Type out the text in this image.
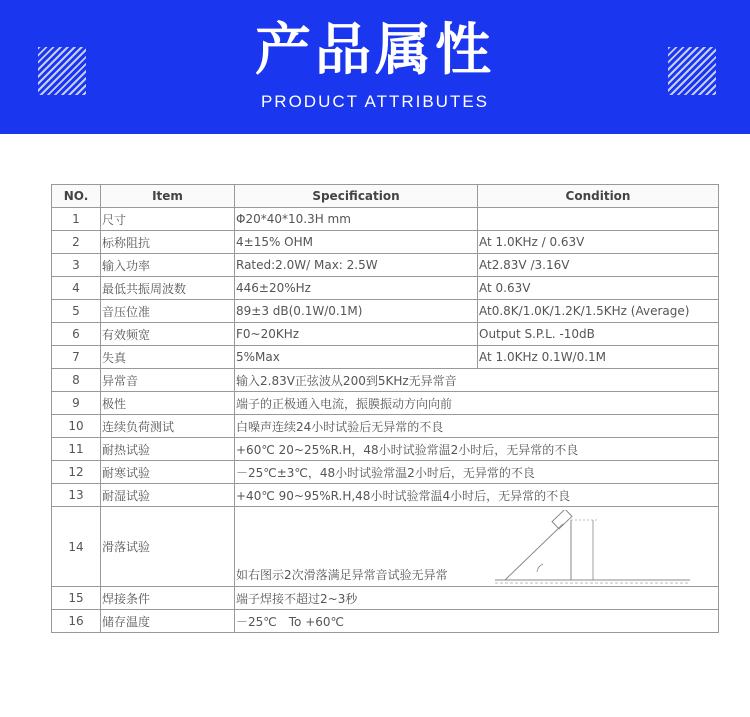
产品属性
PRODUCT ATTRIBUTES
NO.	Item	Specification	Condition
1	尺寸	Φ20*40*10.3H mm	
2	标称阻抗	4±15% OHM	At 1.0KHz / 0.63V
3	输入功率	Rated:2.0W/ Max: 2.5W	At2.83V /3.16V
4	最低共振周波数	446±20%Hz	At 0.63V
5	音压位准	89±3 dB(0.1W/0.1M)	At0.8K/1.0K/1.2K/1.5KHz (Average)
6	有效频宽	F0~20KHz	Output S.P.L. -10dB
7	失真	5%Max	At 1.0KHz 0.1W/0.1M
8	异常音	输入2.83V正弦波从200到5KHz无异常音	
9	极性	端子的正极通入电流，振膜振动方向向前	
10	连续负荷测试	白噪声连续24小时试验后无异常的不良	
11	耐热试验	+60℃ 20~25%R.H，48小时试验常温2小时后，无异常的不良	
12	耐寒试验	－25℃±3℃，48小时试验常温2小时后，无异常的不良	
13	耐湿试验	+40℃ 90~95%R.H,48小时试验常温4小时后，无异常的不良	
14	滑落试验	如右图示2次滑落满足异常音试验无异常	

15	焊接条件	端子焊接不超过2~3秒	
16	储存温度	－25℃　To +60℃	
